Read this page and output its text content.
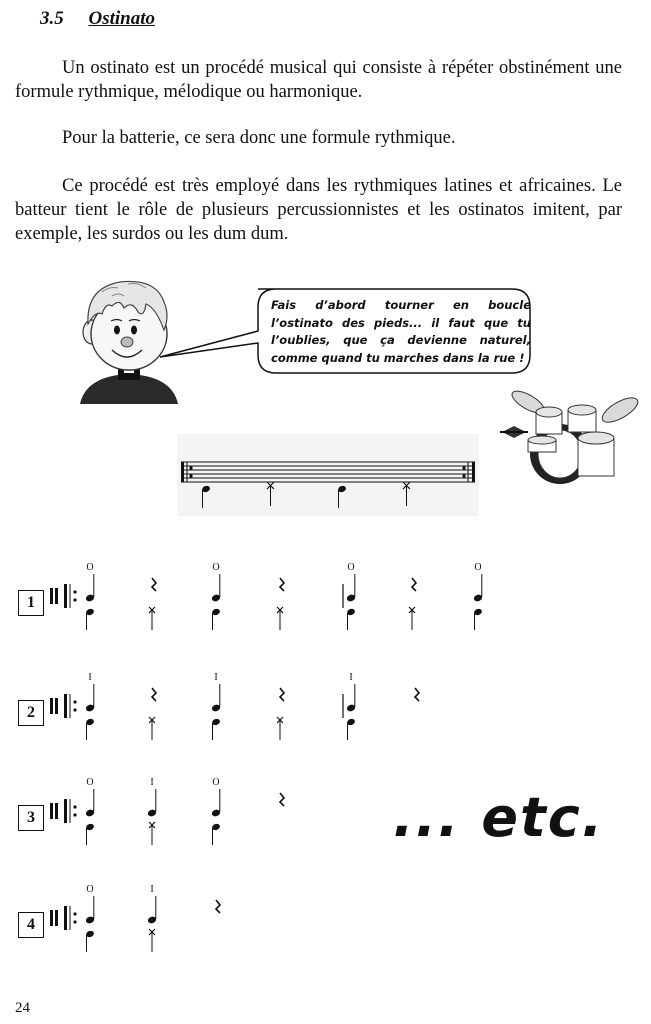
3.5 Ostinato

Un ostinato est un procédé musical qui consiste à répéter obstinément une formule rythmique, mélodique ou harmonique.

Pour la batterie, ce sera donc une formule rythmique.

Ce procédé est très employé dans les rythmiques latines et africaines. Le batteur tient le rôle de plusieurs percussionnistes et les ostinatos imitent, par exemple, les surdos ou les dum dum.

Fais d’abord tourner en boucle l’ostinato des pieds... il faut que tu l’oublies, que ça devienne naturel, comme quand tu marches dans la rue !
O	O	O	O
1
I	I	I
2
O	I	O
3
O	I
4
... etc.
24
